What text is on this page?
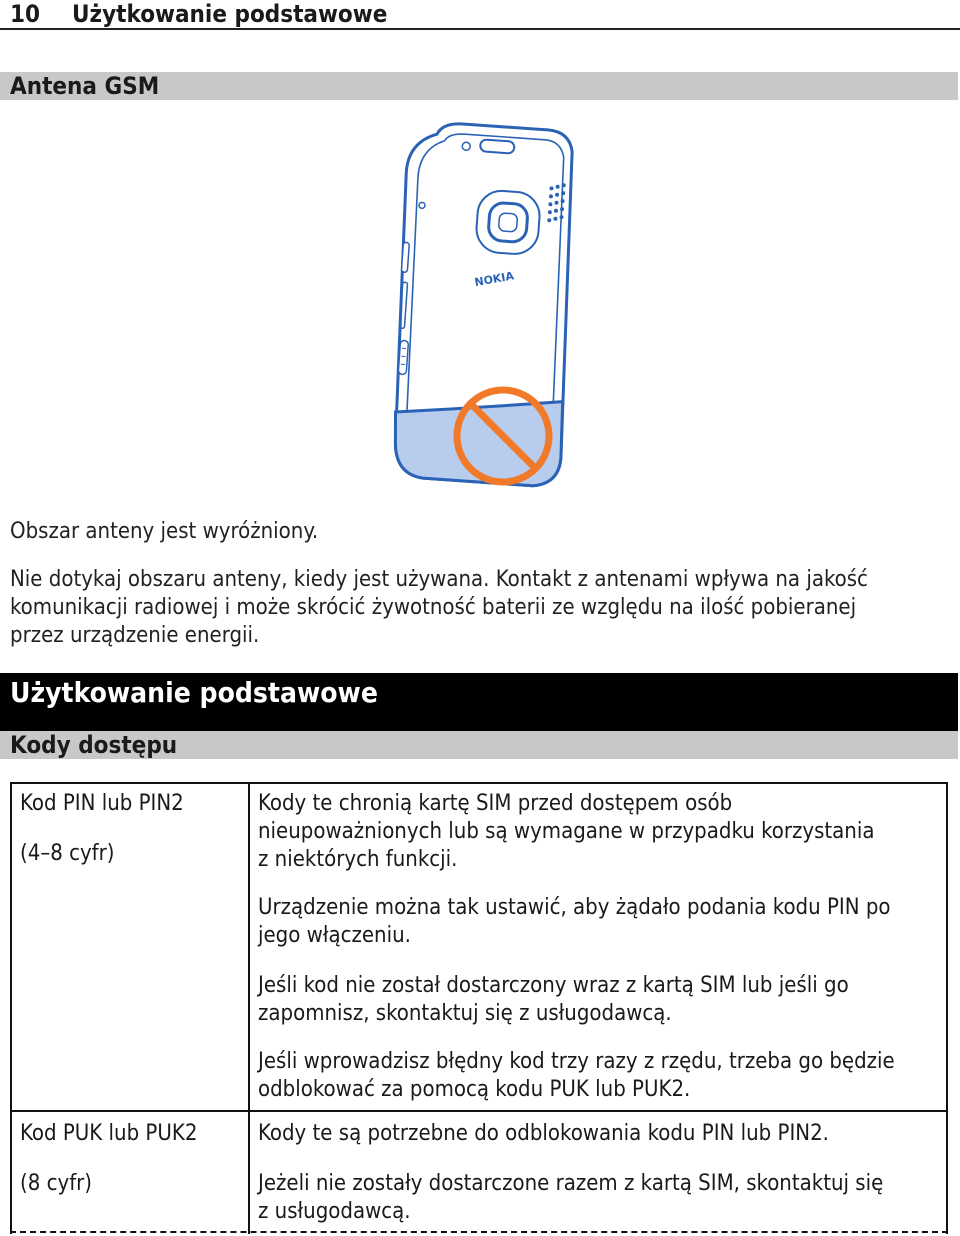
10 Użytkowanie podstawowe
Antena GSM
NOKIA
Obszar anteny jest wyróżniony.
Nie dotykaj obszaru anteny, kiedy jest używana. Kontakt z antenami wpływa na jakość
komunikacji radiowej i może skrócić żywotność baterii ze względu na ilość pobieranej
przez urządzenie energii.
Użytkowanie podstawowe
Kody dostępu
Kod PIN lub PIN2
(4–8 cyfr)
Kody te chronią kartę SIM przed dostępem osób
nieupoważnionych lub są wymagane w przypadku korzystania
z niektórych funkcji.
Urządzenie można tak ustawić, aby żądało podania kodu PIN po
jego włączeniu.
Jeśli kod nie został dostarczony wraz z kartą SIM lub jeśli go
zapomnisz, skontaktuj się z usługodawcą.
Jeśli wprowadzisz błędny kod trzy razy z rzędu, trzeba go będzie
odblokować za pomocą kodu PUK lub PUK2.
Kod PUK lub PUK2
(8 cyfr)
Kody te są potrzebne do odblokowania kodu PIN lub PIN2.
Jeżeli nie zostały dostarczone razem z kartą SIM, skontaktuj się
z usługodawcą.
